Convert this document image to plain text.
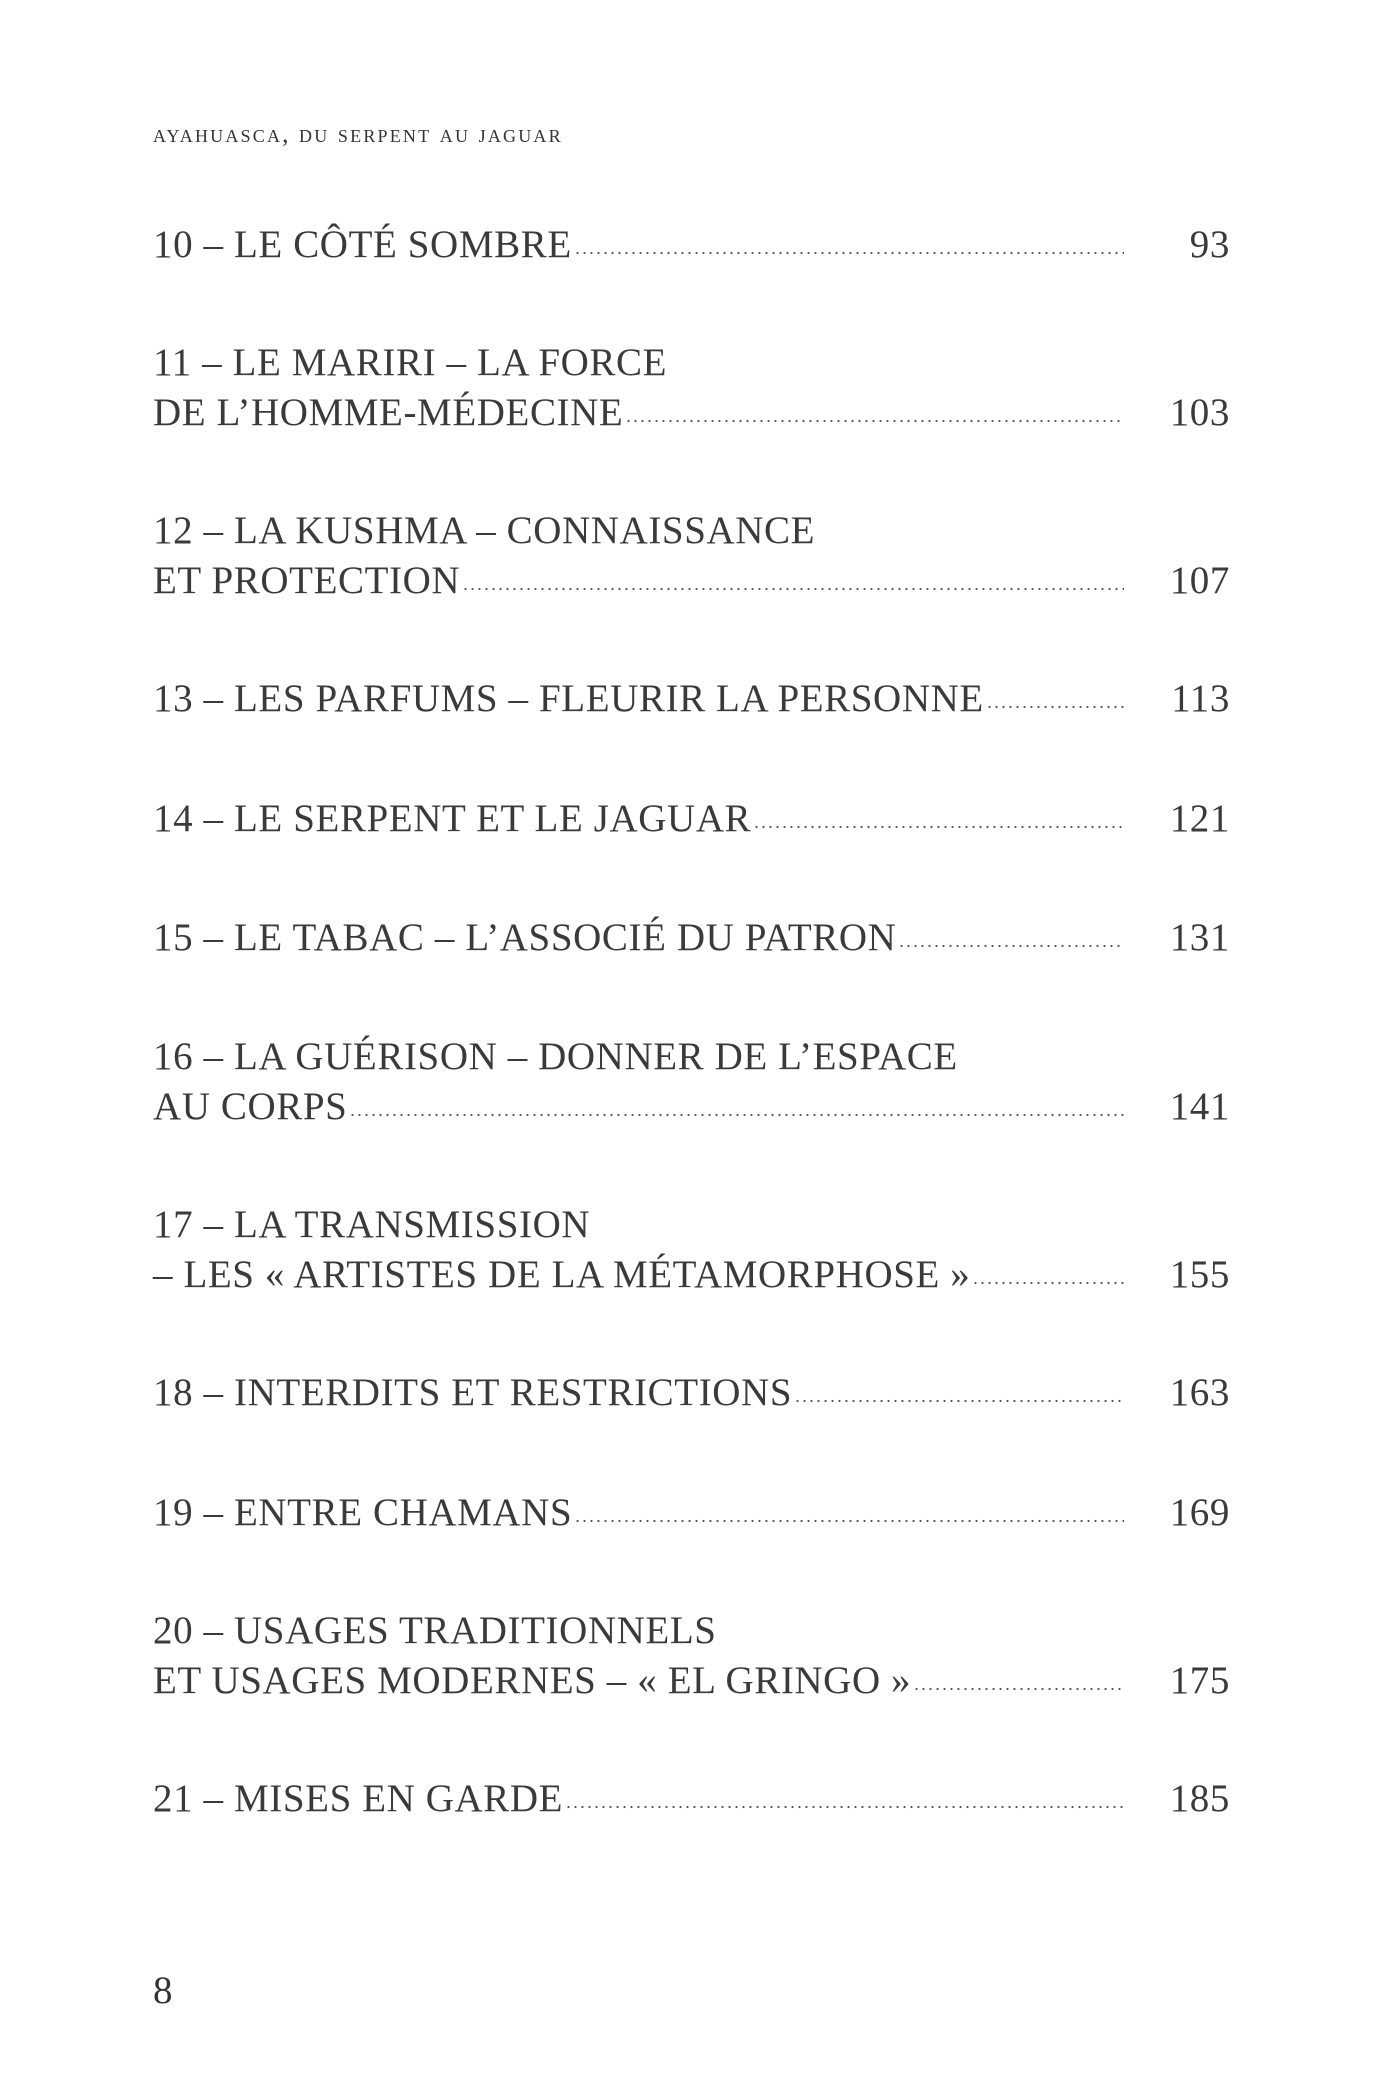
ayahuasca, du serpent au jaguar
10 – LE CÔTÉ SOMBRE	93
11 – LE MARIRI – LA FORCE
DE L’HOMME-MÉDECINE	103
12 – LA KUSHMA – CONNAISSANCE
ET PROTECTION	107
13 – LES PARFUMS – FLEURIR LA PERSONNE	113
14 – LE SERPENT ET LE JAGUAR	121
15 – LE TABAC – L’ASSOCIÉ DU PATRON	131
16 – LA GUÉRISON – DONNER DE L’ESPACE
AU CORPS	141
17 – LA TRANSMISSION
– LES « ARTISTES DE LA MÉTAMORPHOSE »	155
18 – INTERDITS ET RESTRICTIONS	163
19 – ENTRE CHAMANS	169
20 – USAGES TRADITIONNELS
ET USAGES MODERNES – « EL GRINGO »	175
21 – MISES EN GARDE	185
8
